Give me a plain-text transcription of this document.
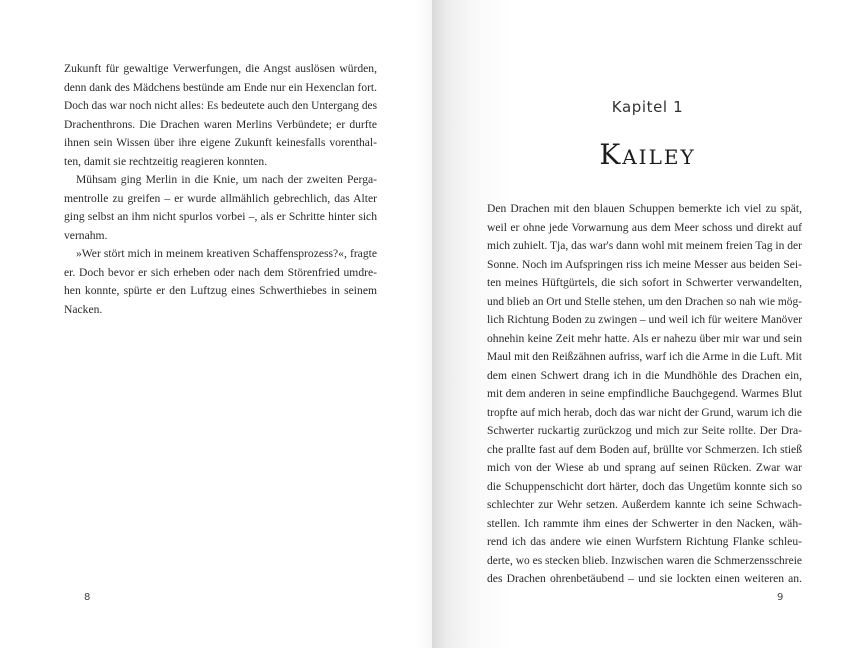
Zukunft für gewaltige Verwerfungen, die Angst auslösen würden,
denn dank des Mädchens bestünde am Ende nur ein Hexenclan fort.
Doch das war noch nicht alles: Es bedeutete auch den Untergang des
Drachenthrons. Die Drachen waren Merlins Verbündete; er durfte
ihnen sein Wissen über ihre eigene Zukunft keinesfalls vorenthal-
ten, damit sie rechtzeitig reagieren konnten.
Mühsam ging Merlin in die Knie, um nach der zweiten Perga-
mentrolle zu greifen – er wurde allmählich gebrechlich, das Alter
ging selbst an ihm nicht spurlos vorbei –, als er Schritte hinter sich
vernahm.
»Wer stört mich in meinem kreativen Schaffensprozess?«, fragte
er. Doch bevor er sich erheben oder nach dem Störenfried umdre-
hen konnte, spürte er den Luftzug eines Schwerthiebes in seinem
Nacken.
8
Kapitel 1
Kailey
Den Drachen mit den blauen Schuppen bemerkte ich viel zu spät,
weil er ohne jede Vorwarnung aus dem Meer schoss und direkt auf
mich zuhielt. Tja, das war's dann wohl mit meinem freien Tag in der
Sonne. Noch im Aufspringen riss ich meine Messer aus beiden Sei-
ten meines Hüftgürtels, die sich sofort in Schwerter verwandelten,
und blieb an Ort und Stelle stehen, um den Drachen so nah wie mög-
lich Richtung Boden zu zwingen – und weil ich für weitere Manöver
ohnehin keine Zeit mehr hatte. Als er nahezu über mir war und sein
Maul mit den Reißzähnen aufriss, warf ich die Arme in die Luft. Mit
dem einen Schwert drang ich in die Mundhöhle des Drachen ein,
mit dem anderen in seine empfindliche Bauchgegend. Warmes Blut
tropfte auf mich herab, doch das war nicht der Grund, warum ich die
Schwerter ruckartig zurückzog und mich zur Seite rollte. Der Dra-
che prallte fast auf dem Boden auf, brüllte vor Schmerzen. Ich stieß
mich von der Wiese ab und sprang auf seinen Rücken. Zwar war
die Schuppenschicht dort härter, doch das Ungetüm konnte sich so
schlechter zur Wehr setzen. Außerdem kannte ich seine Schwach-
stellen. Ich rammte ihm eines der Schwerter in den Nacken, wäh-
rend ich das andere wie einen Wurfstern Richtung Flanke schleu-
derte, wo es stecken blieb. Inzwischen waren die Schmerzensschreie
des Drachen ohrenbetäubend – und sie lockten einen weiteren an.
9
